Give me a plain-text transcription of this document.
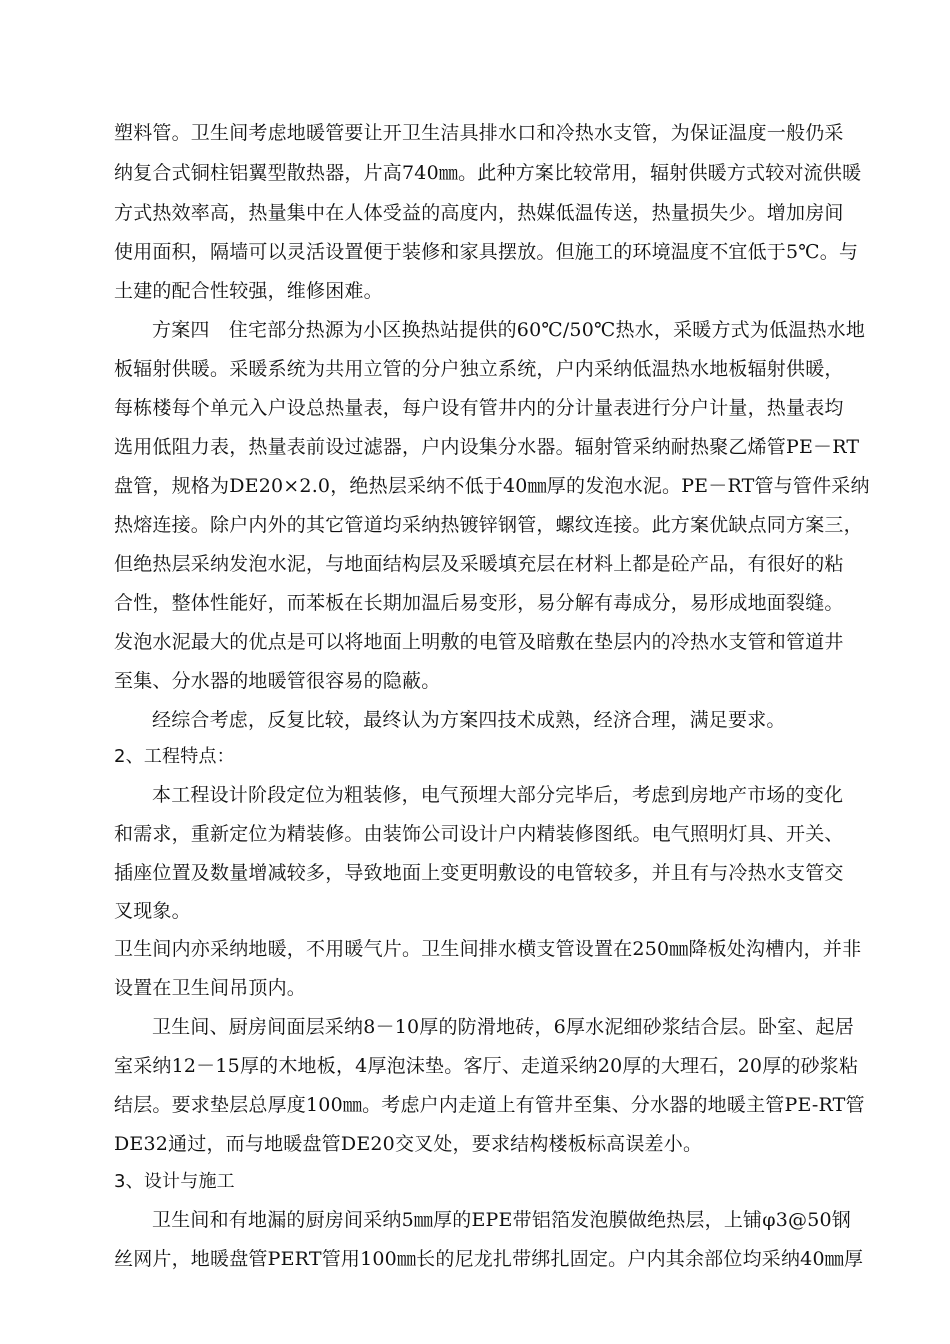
塑料管。卫生间考虑地暖管要让开卫生洁具排水口和冷热水支管，为保证温度一般仍采
纳复合式铜柱铝翼型散热器，片高740㎜。此种方案比较常用，辐射供暖方式较对流供暖
方式热效率高，热量集中在人体受益的高度内，热媒低温传送，热量损失少。增加房间
使用面积，隔墙可以灵活设置便于装修和家具摆放。但施工的环境温度不宜低于5℃。与
土建的配合性较强，维修困难。
方案四　住宅部分热源为小区换热站提供的60℃/50℃热水，采暖方式为低温热水地
板辐射供暖。采暖系统为共用立管的分户独立系统，户内采纳低温热水地板辐射供暖，
每栋楼每个单元入户设总热量表，每户设有管井内的分计量表进行分户计量，热量表均
选用低阻力表，热量表前设过滤器，户内设集分水器。辐射管采纳耐热聚乙烯管PE－RT
盘管，规格为DE20×2.0，绝热层采纳不低于40㎜厚的发泡水泥。PE－RT管与管件采纳
热熔连接。除户内外的其它管道均采纳热镀锌钢管，螺纹连接。此方案优缺点同方案三，
但绝热层采纳发泡水泥，与地面结构层及采暖填充层在材料上都是砼产品，有很好的粘
合性，整体性能好，而苯板在长期加温后易变形，易分解有毒成分，易形成地面裂缝。
发泡水泥最大的优点是可以将地面上明敷的电管及暗敷在垫层内的冷热水支管和管道井
至集、分水器的地暖管很容易的隐蔽。
经综合考虑，反复比较，最终认为方案四技术成熟，经济合理，满足要求。
2、工程特点：
本工程设计阶段定位为粗装修，电气预埋大部分完毕后，考虑到房地产市场的变化
和需求，重新定位为精装修。由装饰公司设计户内精装修图纸。电气照明灯具、开关、
插座位置及数量增减较多，导致地面上变更明敷设的电管较多，并且有与冷热水支管交
叉现象。
卫生间内亦采纳地暖，不用暖气片。卫生间排水横支管设置在250㎜降板处沟槽内，并非
设置在卫生间吊顶内。
卫生间、厨房间面层采纳8－10厚的防滑地砖，6厚水泥细砂浆结合层。卧室、起居
室采纳12－15厚的木地板，4厚泡沫垫。客厅、走道采纳20厚的大理石，20厚的砂浆粘
结层。要求垫层总厚度100㎜。考虑户内走道上有管井至集、分水器的地暖主管PE-RT管
DE32通过，而与地暖盘管DE20交叉处，要求结构楼板标高误差小。
3、设计与施工
卫生间和有地漏的厨房间采纳5㎜厚的EPE带铝箔发泡膜做绝热层，上铺φ3@50钢
丝网片，地暖盘管PERT管用100㎜长的尼龙扎带绑扎固定。户内其余部位均采纳40㎜厚
